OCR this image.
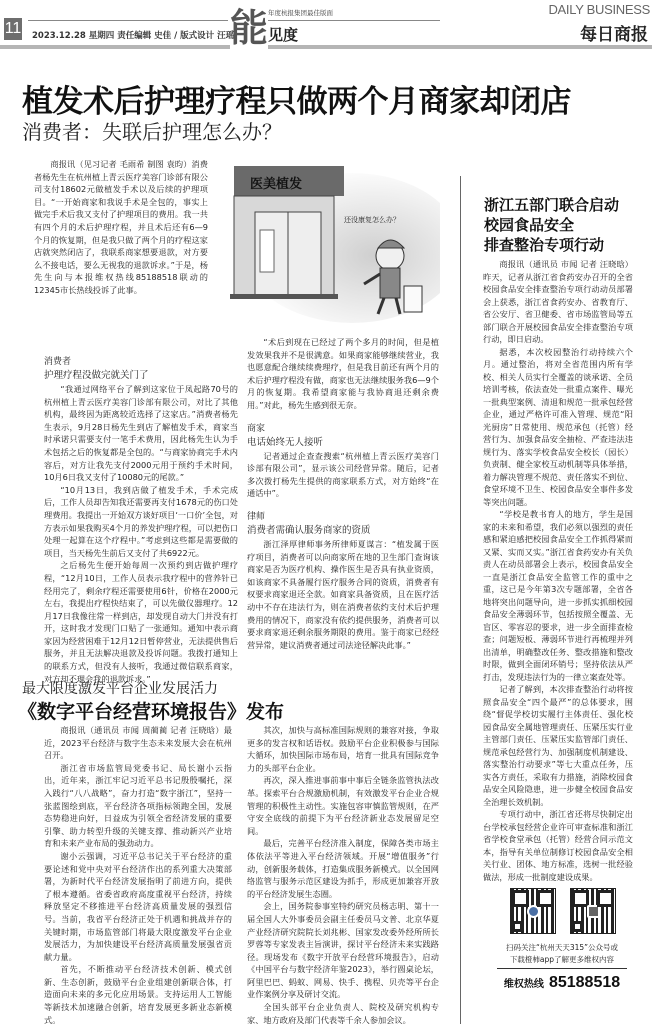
11 2023.12.28 星期四 责任编辑 史佳 / 版式设计 汪瑶
能 年度杭报集团最佳版面
见度
DAILY BUSINESS
每日商报
植发术后护理疗程只做两个月商家却闭店
消费者：失联后护理怎么办？

商报讯（见习记者 毛雨希 制图 袁昀）消费者杨先生在杭州植上青云医疗美容门诊部有限公司支付18602元做植发手术以及后续的护理项目。“一开始商家和我说手术是全包的，事实上做完手术后我又支付了护理项目的费用。我一共有四个月的术后护理疗程，并且术后还有6—9个月的恢复期，但是我只做了两个月的疗程这家店就突然闭店了，我联系商家想要退款，对方要么不接电话，要么无视我的退款诉求。”于是，杨先生向与本报维权热线85188518联动的12345市长热线投诉了此事。

医美植发
还没康复怎么办？
消费者
护理疗程没做完就关门了

“我通过网络平台了解到这家位于凤起路70号的杭州植上青云医疗美容门诊部有限公司，对比了其他机构，最终因为距离较近选择了这家店。”消费者杨先生表示，9月28日杨先生到店了解植发手术，商家当时承诺只需要支付一笔手术费用，因此杨先生认为手术包括之后的恢复都是全包的。“与商家协商完手术内容后，对方让我先支付2000元用于预约手术时间，10月6日我又支付了10080元的尾款。”

“10月13日，我到店做了植发手术，手术完成后，工作人员却告知我还需要再支付1678元的伤口处理费用。我提出一开始双方谈好项目‘一口价’全包，对方表示如果我购买4个月的养发护理疗程，可以把伤口处理一起算在这个疗程中。”考虑到这些都是需要做的项目，当天杨先生前后又支付了共6922元。

之后杨先生便开始每周一次预约到店做护理疗程，“12月10日，工作人员表示我疗程中的营养针已经用完了，剩余疗程还需要使用6针，价格在2000元左右，我提出疗程快结束了，可以先做仪器理疗。12月17日我像往常一样到店，却发现自动大门并没有打开，这时我才发现门口贴了一张通知。通知中表示商家因为经营困难于12月12日暂停营业，无法提供售后服务，并且无法解决退款及投诉问题。我拨打通知上的联系方式，但没有人接听，我通过微信联系商家，对方却不理会我的退款诉求。”

“术后到现在已经过了两个多月的时间，但是植发效果我并不是很满意。如果商家能够继续营业，我也愿意配合继续续费理疗，但是我目前还有两个月的术后护理疗程没有做，商家也无法继续服务我6—9个月的恢复期。我希望商家能与我协商退还剩余费用。”对此，杨先生感到很无奈。

商家
电话始终无人接听

记者通过企查查搜索“杭州植上青云医疗美容门诊部有限公司”，显示该公司经营异常。随后，记者多次拨打杨先生提供的商家联系方式，对方始终“在通话中”。

律师
消费者需确认服务商家的资质

浙江泽厚律师事务所律师夏谋言：“植发属于医疗项目，消费者可以向商家所在地的卫生部门查询该商家是否为医疗机构、操作医生是否具有执业资质，如该商家不具备履行医疗服务合同的资质，消费者有权要求商家退还全款。如商家具备资质，且在医疗活动中不存在违法行为，则在消费者依约支付术后护理费用的情况下，商家没有依约提供服务，消费者可以要求商家退还剩余服务期限的费用。鉴于商家已经经营异常，建议消费者通过司法途径解决此事。”

浙江五部门联合启动
校园食品安全
排查整治专项行动

商报讯（通讯员 市闻 记者 汪晓晗）昨天，记者从浙江省食药安办召开的全省校园食品安全排查整治专项行动动员部署会上获悉，浙江省食药安办、省教育厅、省公安厅、省卫健委、省市场监管局等五部门联合开展校园食品安全排查整治专项行动，即日启动。

据悉，本次校园整治行动持续六个月。通过整治，将对全省范围内所有学校、相关人员实行全覆盖的谈承诺、全员培训考核，依法查处一批重点案件、曝光一批典型案例、清退和规范一批承包经营企业，通过严格许可准入管理、规范“阳光厨房”日常使用、规范承包（托管）经营行为、加强食品安全抽检、严查违法违规行为、落实学校食品安全校长（园长）负责制、健全家校互动机制等具体举措，着力解决管理不规范、责任落实不到位、食堂环境不卫生、校园食品安全事件多发等突出问题。

“学校是教书育人的地方，学生是国家的未来和希望，我们必须以强烈的责任感和紧迫感把校园食品安全工作抓得紧而又紧、实而又实。”浙江省食药安办有关负责人在动员部署会上表示，校园食品安全一直是浙江食品安全监管工作的重中之重，这已是今年第3次专题部署，全省各地将突出问题导向，进一步抓实抓细校园食品安全薄弱环节，包括按照全覆盖、无盲区、零容忍的要求，进一步全面排查检查；问题短板、薄弱环节进行再梳理并列出清单，明确整改任务、整改措施和整改时限，做到全面闭环销号；坚持依法从严打击，发现违法行为的一律立案查处等。

记者了解到，本次排查整治行动将按照食品安全“四个最严”的总体要求，围绕“督促学校切实履行主体责任、强化校园食品安全属地管理责任、压紧压实行业主管部门责任、压紧压实监管部门责任、规范承包经营行为、加强制度机制建设、落实整治行动要求”等七大重点任务，压实各方责任，采取有力措施，消除校园食品安全风险隐患，进一步健全校园食品安全治理长效机制。

专项行动中，浙江省还将尽快制定出台学校承包经营企业许可审查标准和浙江省学校食堂承包（托管）经营合同示范文本，指导有关单位制修订校园食品安全相关行业、团体、地方标准，选树一批经验做法，形成一批制度建设成果。

扫码关注“杭州天天315”公众号或
下载橙柿app了解更多维权内容
维权热线 85188518
最大限度激发平台企业发展活力
《数字平台经营环境报告》发布

商报讯（通讯员 市闻 周蔺蔺 记者 汪晓晗）最近，2023平台经济与数字生态未来发展大会在杭州召开。

浙江省市场监管局党委书记、局长谢小云指出，近年来，浙江牢记习近平总书记殷殷嘱托，深入践行“八八战略”，奋力打造“数字浙江”，坚持一张蓝图绘到底，平台经济各项指标领跑全国，发展态势稳进向好，日益成为引领全省经济发展的重要引擎、助力转型升级的关键支撑、推动新兴产业培育和未来产业布局的强劲动力。

谢小云强调，习近平总书记关于平台经济的重要论述和党中央对平台经济作出的系列重大决策部署，为新时代平台经济发展指明了前进方向，提供了根本遵循。省委省政府高度重视平台经济，持续释放坚定不移推进平台经济高质量发展的强烈信号。当前，我省平台经济正处于机遇和挑战并存的关键时期，市场监管部门将最大限度激发平台企业发展活力，为加快建设平台经济高质量发展强省贡献力量。

首先，不断推动平台经济技术创新、模式创新、生态创新，鼓励平台企业组建创新联合体，打造面向未来的多元化应用场景。支持运用人工智能等新技术加速融合创新，培育发展更多新业态新模式。

其次，加快与高标准国际规则的兼容对接，争取更多的发言权和话语权。鼓励平台企业积极参与国际大循环，加快国际市场布局，培育一批具有国际竞争力的头部平台企业。

再次，深入推进事前事中事后全链条监管执法改革。探索平台合规激励机制，有效激发平台企业合规管理的积极性主动性。实施包容审慎监管规则，在严守安全底线的前提下为平台经济新业态发展留足空间。

最后，完善平台经济准入制度，保障各类市场主体依法平等进入平台经济领域。开展“增值服务”行动，创新服务载体，打造集成服务新模式。以全国网络监管与服务示范区建设为抓手，形成更加兼容开放的平台经济发展生态圈。

会上，国务院参事室特约研究员杨志明、第十一届全国人大外事委员会副主任委员马文普、北京华夏产业经济研究院院长刘兆彬、国家发改委外经所所长罗蓉等专家发表主旨演讲，探讨平台经济未来实践路径。现场发布《数字开放平台经营环境报告》，启动《中国平台与数字经济年鉴2023》，举行圆桌论坛，阿里巴巴、蚂蚁、网易、快手、携程、贝壳等平台企业作案例分享及研讨交流。

全国头部平台企业负责人、院校及研究机构专家、地方政府及部门代表等千余人参加会议。
